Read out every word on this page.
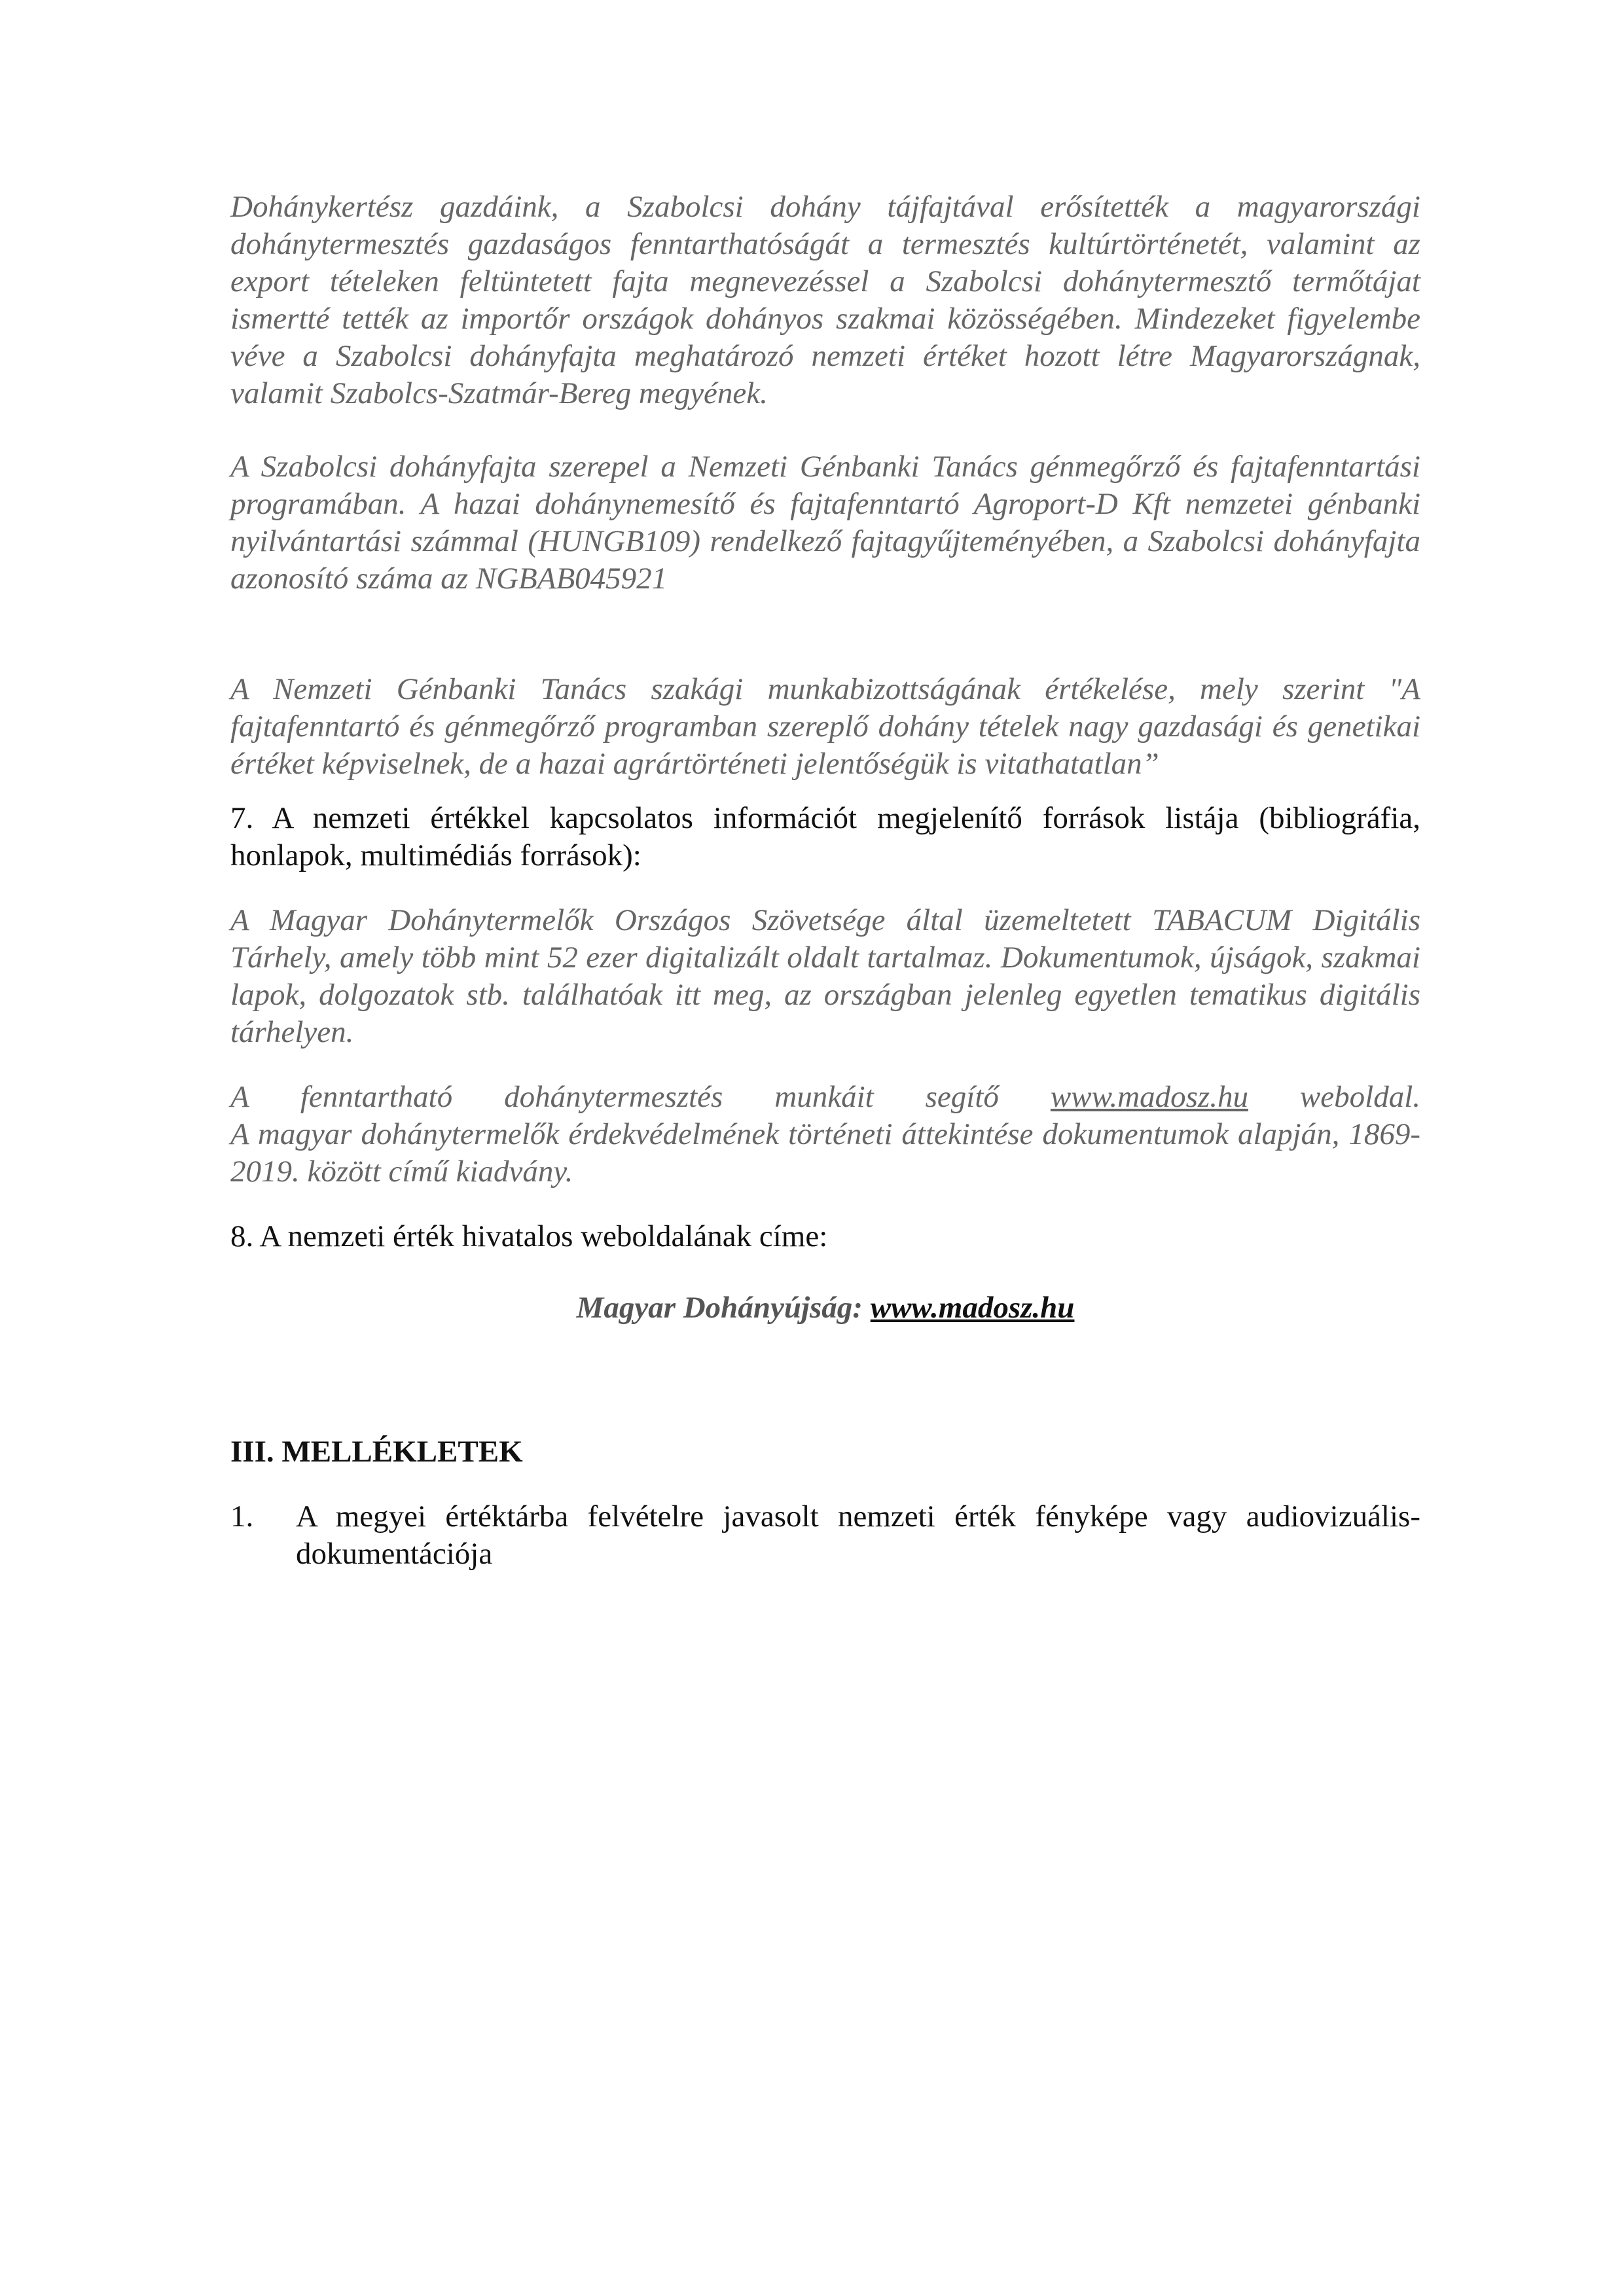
Dohánykertész gazdáink, a Szabolcsi dohány tájfajtával erősítették a magyarországi dohánytermesztés gazdaságos fenntarthatóságát a termesztés kultúrtörténetét, valamint az export tételeken feltüntetett fajta megnevezéssel a Szabolcsi dohánytermesztő termőtájat ismertté tették az importőr országok dohányos szakmai közösségében. Mindezeket figyelembe véve a Szabolcsi dohányfajta meghatározó nemzeti értéket hozott létre Magyarországnak, valamit Szabolcs-Szatmár-Bereg megyének.

A Szabolcsi dohányfajta szerepel a Nemzeti Génbanki Tanács génmegőrző és fajtafenntartási programában. A hazai dohánynemesítő és fajtafenntartó Agroport-D Kft nemzetei génbanki nyilvántartási számmal (HUNGB109) rendelkező fajtagyűjteményében, a Szabolcsi dohányfajta azonosító száma az NGBAB045921

A Nemzeti Génbanki Tanács szakági munkabizottságának értékelése, mely szerint "A fajtafenntartó és génmegőrző programban szereplő dohány tételek nagy gazdasági és genetikai értéket képviselnek, de a hazai agrártörténeti jelentőségük is vitathatatlan”

7. A nemzeti értékkel kapcsolatos információt megjelenítő források listája (bibliográfia, honlapok, multimédiás források):

A Magyar Dohánytermelők Országos Szövetsége által üzemeltetett TABACUM Digitális Tárhely, amely több mint 52 ezer digitalizált oldalt tartalmaz. Dokumentumok, újságok, szakmai lapok, dolgozatok stb. találhatóak itt meg, az országban jelenleg egyetlen tematikus digitális tárhelyen.

A fenntartható dohánytermesztés munkáit segítő www.madosz.hu weboldal.

A magyar dohánytermelők érdekvédelmének történeti áttekintése dokumentumok alapján, 1869-2019. között című kiadvány.

8. A nemzeti érték hivatalos weboldalának címe:

Magyar Dohányújság: www.madosz.hu

III. MELLÉKLETEK

1.	A megyei értéktárba felvételre javasolt nemzeti érték fényképe vagy audiovizuális-dokumentációja
